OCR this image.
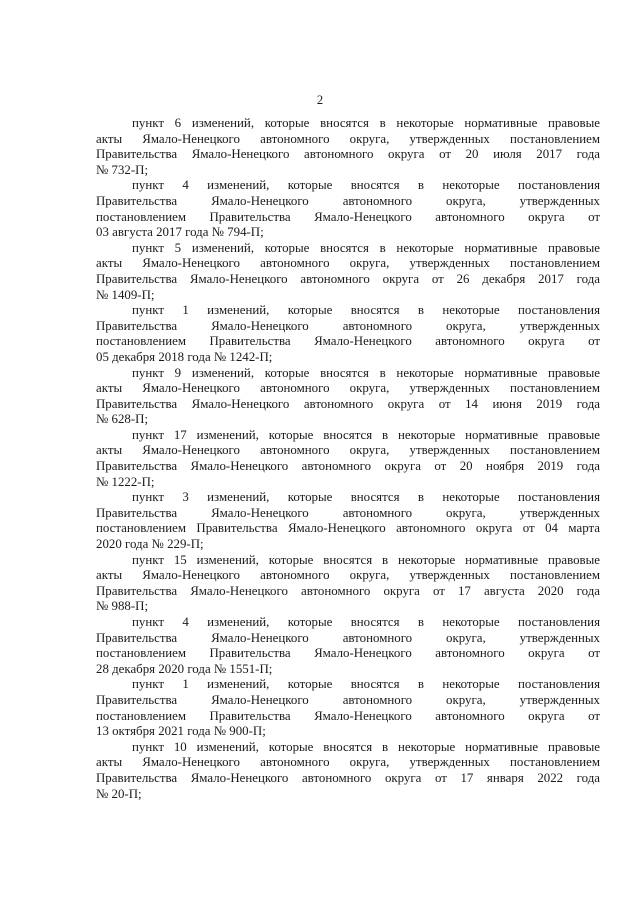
2

пункт 6 изменений, которые вносятся в некоторые нормативные правовые
акты Ямало-Ненецкого автономного округа, утвержденных постановлением
Правительства Ямало-Ненецкого автономного округа от 20 июля 2017 года
№ 732-П;

пункт 4 изменений, которые вносятся в некоторые постановления
Правительства Ямало-Ненецкого автономного округа, утвержденных
постановлением Правительства Ямало-Ненецкого автономного округа от
03 августа 2017 года № 794-П;

пункт 5 изменений, которые вносятся в некоторые нормативные правовые
акты Ямало-Ненецкого автономного округа, утвержденных постановлением
Правительства Ямало-Ненецкого автономного округа от 26 декабря 2017 года
№ 1409-П;

пункт 1 изменений, которые вносятся в некоторые постановления
Правительства Ямало-Ненецкого автономного округа, утвержденных
постановлением Правительства Ямало-Ненецкого автономного округа от
05 декабря 2018 года № 1242-П;

пункт 9 изменений, которые вносятся в некоторые нормативные правовые
акты Ямало-Ненецкого автономного округа, утвержденных постановлением
Правительства Ямало-Ненецкого автономного округа от 14 июня 2019 года
№ 628-П;

пункт 17 изменений, которые вносятся в некоторые нормативные правовые
акты Ямало-Ненецкого автономного округа, утвержденных постановлением
Правительства Ямало-Ненецкого автономного округа от 20 ноября 2019 года
№ 1222-П;

пункт 3 изменений, которые вносятся в некоторые постановления
Правительства Ямало-Ненецкого автономного округа, утвержденных
постановлением Правительства Ямало-Ненецкого автономного округа от 04 марта
2020 года № 229-П;

пункт 15 изменений, которые вносятся в некоторые нормативные правовые
акты Ямало-Ненецкого автономного округа, утвержденных постановлением
Правительства Ямало-Ненецкого автономного округа от 17 августа 2020 года
№ 988-П;

пункт 4 изменений, которые вносятся в некоторые постановления
Правительства Ямало-Ненецкого автономного округа, утвержденных
постановлением Правительства Ямало-Ненецкого автономного округа от
28 декабря 2020 года № 1551-П;

пункт 1 изменений, которые вносятся в некоторые постановления
Правительства Ямало-Ненецкого автономного округа, утвержденных
постановлением Правительства Ямало-Ненецкого автономного округа от
13 октября 2021 года № 900-П;

пункт 10 изменений, которые вносятся в некоторые нормативные правовые
акты Ямало-Ненецкого автономного округа, утвержденных постановлением
Правительства Ямало-Ненецкого автономного округа от 17 января 2022 года
№ 20-П;
